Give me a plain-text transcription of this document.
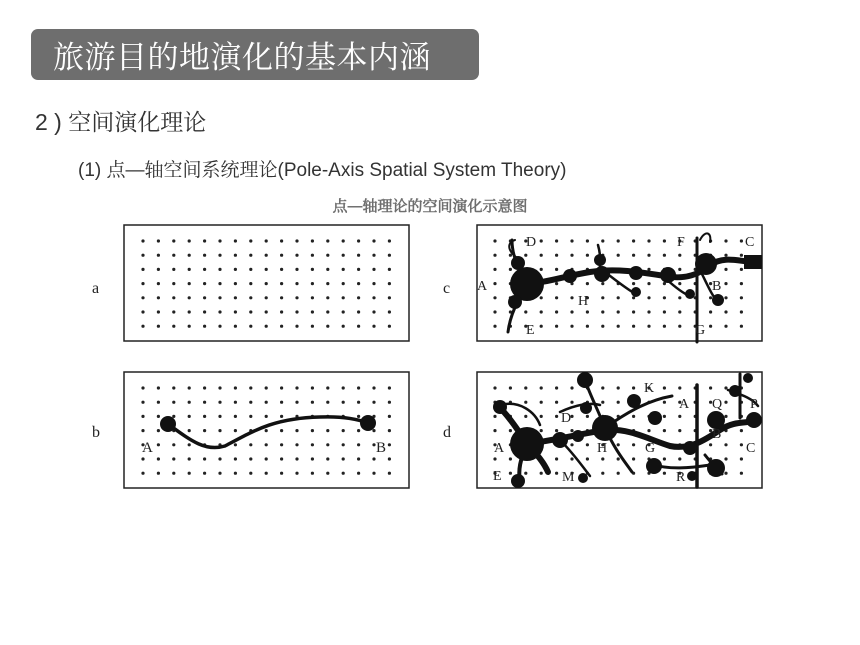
旅游目的地演化的基本内涵
2 ) 空间演化理论
(1) 点—轴空间系统理论(Pole-Axis Spatial System Theory)
点—轴理论的空间演化示意图
a
b
A	B
c A	B
C
D
E
F
G
H
d
A
B
C
D
E
G
H
K
M	R
A Q P
